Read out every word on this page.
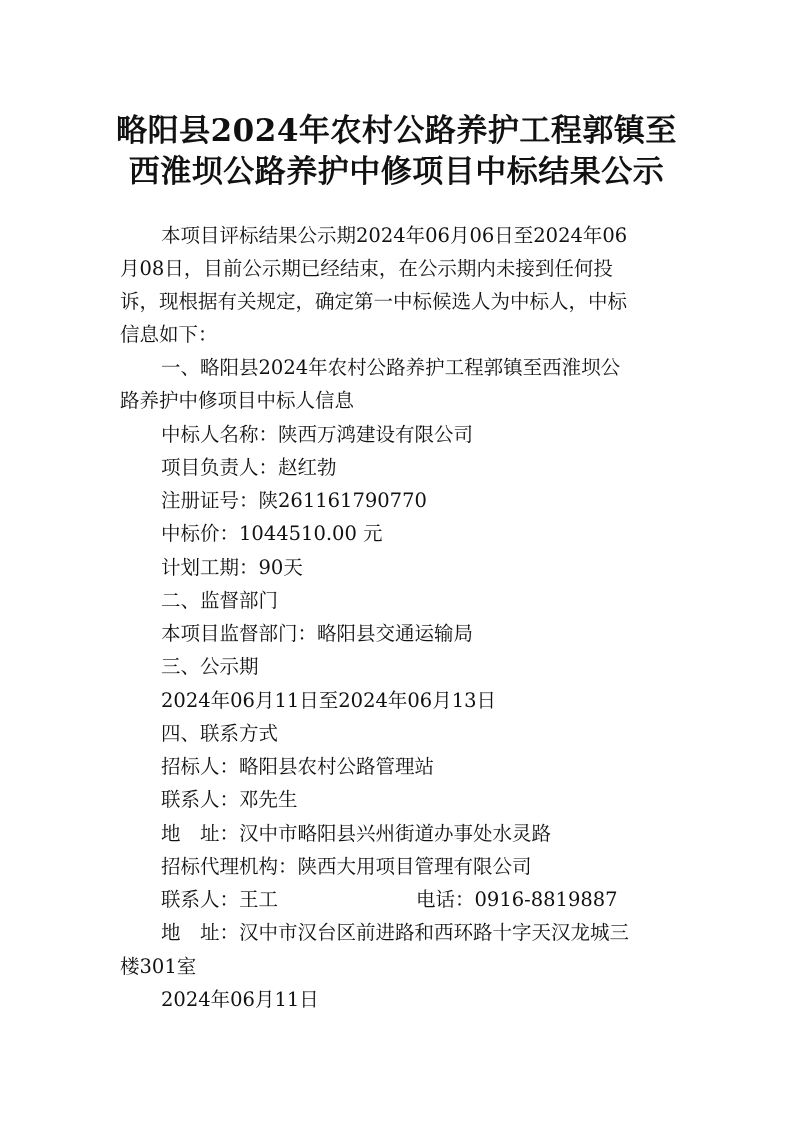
略阳县2024年农村公路养护工程郭镇至
西淮坝公路养护中修项目中标结果公示
本项目评标结果公示期2024年06月06日至2024年06
月08日，目前公示期已经结束，在公示期内未接到任何投
诉，现根据有关规定，确定第一中标候选人为中标人，中标
信息如下：
一、略阳县2024年农村公路养护工程郭镇至西淮坝公
路养护中修项目中标人信息
中标人名称：陕西万鸿建设有限公司
项目负责人：赵红勃
注册证号：陕261161790770
中标价：1044510.00 元
计划工期：90天
二、监督部门
本项目监督部门：略阳县交通运输局
三、公示期
2024年06月11日至2024年06月13日
四、联系方式
招标人：略阳县农村公路管理站
联系人：邓先生
地　址：汉中市略阳县兴州街道办事处水灵路
招标代理机构：陕西大用项目管理有限公司
联系人：王工	电话：0916-8819887
地　址：汉中市汉台区前进路和西环路十字天汉龙城三
楼301室
2024年06月11日
